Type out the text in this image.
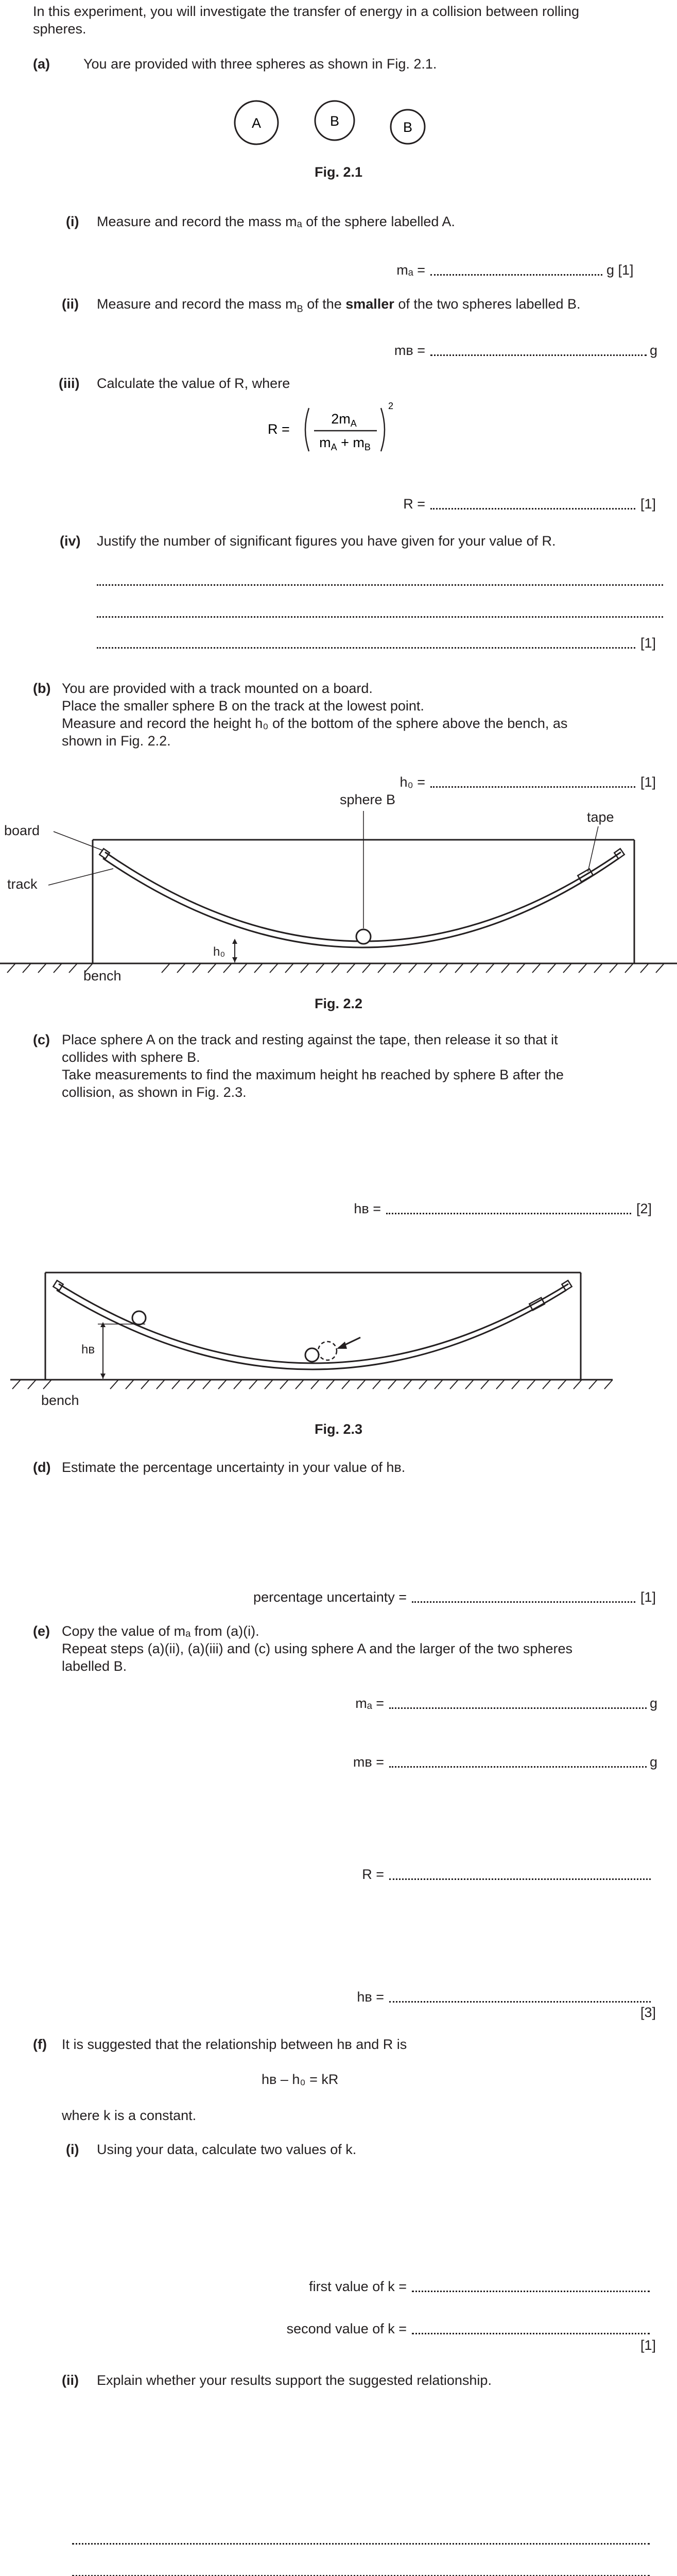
In this experiment, you will investigate the transfer of energy in a collision between rolling
spheres.
(a) You are provided with three spheres as shown in Fig. 2.1.
A	B	B
Fig. 2.1
(i) Measure and record the mass mₐ of the sphere labelled A.
mₐ =	g [1]
(ii) Measure and record the mass $m_B$ of the smaller of the two spheres labelled B.
mʙ =	g
(iii) Calculate the value of R, where
R =
$2m_A$
$m_A + m_B$
2
R =	[1]
(iv) Justify the number of significant figures you have given for your value of R.
[1]
(b) You are provided with a track mounted on a board.
Place the smaller sphere B on the track at the lowest point.
Measure and record the height h₀ of the bottom of the sphere above the bench, as
shown in Fig. 2.2.
h₀ =	[1]
sphere B
tape
board
track
bench
h₀
Fig. 2.2
(c) Place sphere A on the track and resting against the tape, then release it so that it
collides with sphere B.
Take measurements to find the maximum height hʙ reached by sphere B after the
collision, as shown in Fig. 2.3.
hʙ =	[2]
hʙ
bench
Fig. 2.3
(d) Estimate the percentage uncertainty in your value of hʙ.
percentage uncertainty =	[1]
(e) Copy the value of mₐ from (a)(i).
Repeat steps (a)(ii), (a)(iii) and (c) using sphere A and the larger of the two spheres
labelled B.
mₐ =	g
mʙ =	g
R =
hʙ =
[3]
(f) It is suggested that the relationship between hʙ and R is
hʙ – h₀ = kR
where k is a constant.
(i) Using your data, calculate two values of k.
first value of k =
second value of k =
[1]
(ii) Explain whether your results support the suggested relationship.
